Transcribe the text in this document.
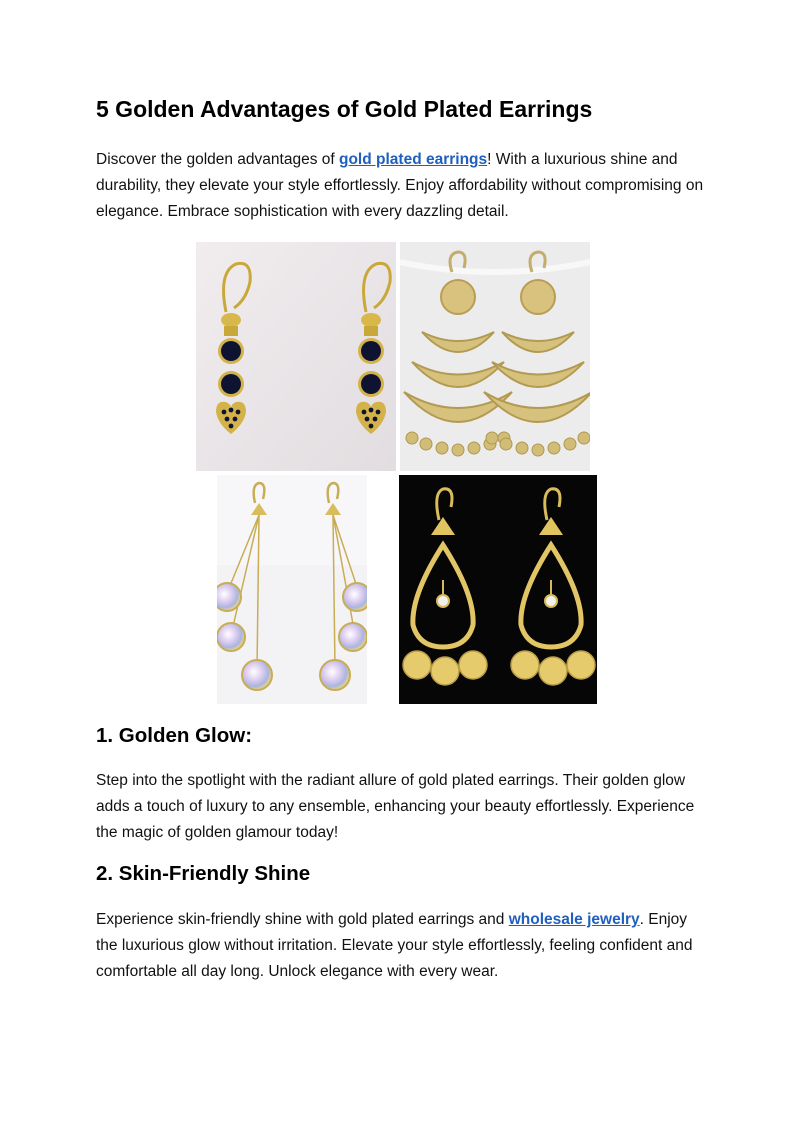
5 Golden Advantages of Gold Plated Earrings

Discover the golden advantages of gold plated earrings! With a luxurious shine and durability, they elevate your style effortlessly. Enjoy affordability without compromising on elegance. Embrace sophistication with every dazzling detail.

1. Golden Glow:

Step into the spotlight with the radiant allure of gold plated earrings. Their golden glow adds a touch of luxury to any ensemble, enhancing your beauty effortlessly. Experience the magic of golden glamour today!

2. Skin-Friendly Shine

Experience skin-friendly shine with gold plated earrings and wholesale jewelry. Enjoy the luxurious glow without irritation. Elevate your style effortlessly, feeling confident and comfortable all day long. Unlock elegance with every wear.
